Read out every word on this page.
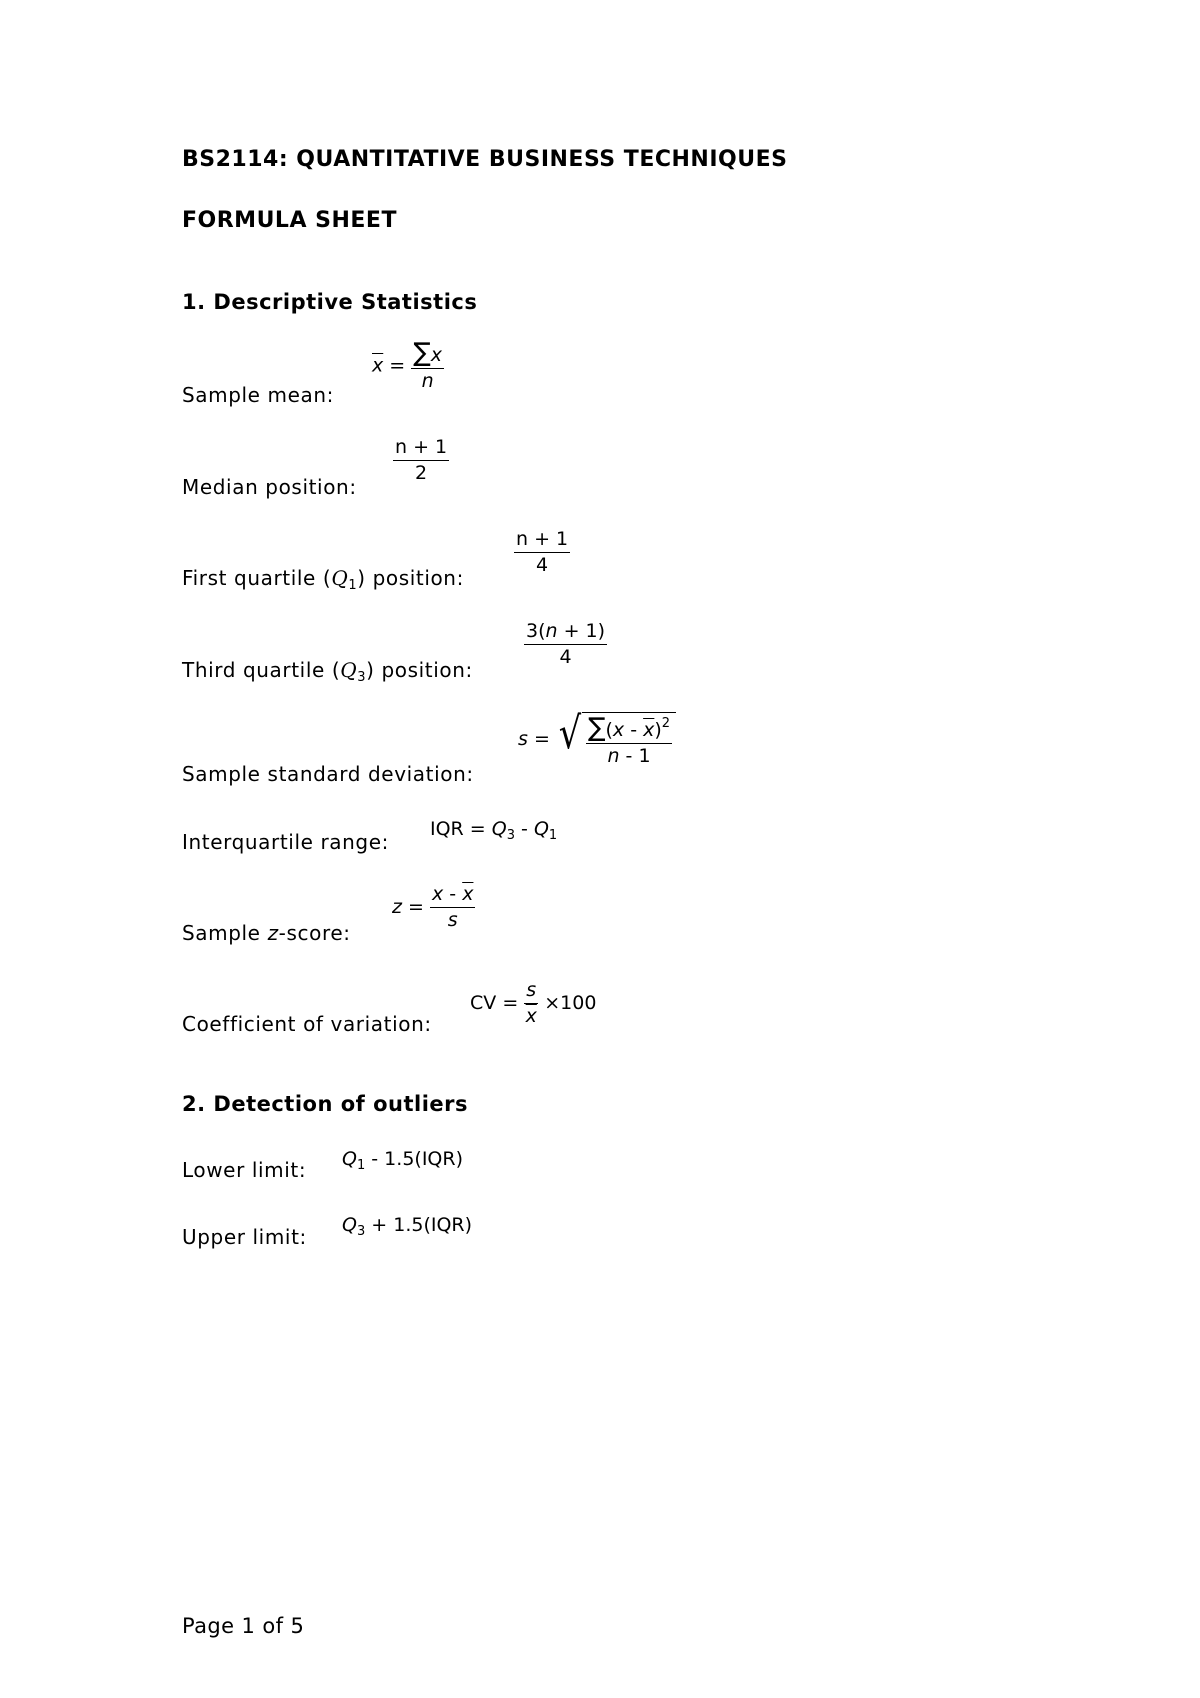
BS2114: QUANTITATIVE BUSINESS TECHNIQUES
FORMULA SHEET
1. Descriptive Statistics
Sample mean:
$\overline{x} = \frac{\sum x}{n}$
Median position:
$\frac{n + 1}{2}$
First quartile $(Q_1)$ position:
$\frac{n + 1}{4}$
Third quartile $(Q_3)$ position:
$\frac{3(n + 1)}{4}$
Sample standard deviation:
s = √ $\frac{\sum(x - \overline{x})^2}{n - 1}$
Interquartile range:
IQR = $Q_3 - Q_1$
Sample z-score:
$z = \frac{x - \overline{x}}{s}$
Coefficient of variation:
CV = $\frac{s}{x} \times 100$
2. Detection of outliers
Lower limit: $Q_1 - 1.5(IQR)$
Upper limit: $Q_3 + 1.5(IQR)$
Page 1 of 5
